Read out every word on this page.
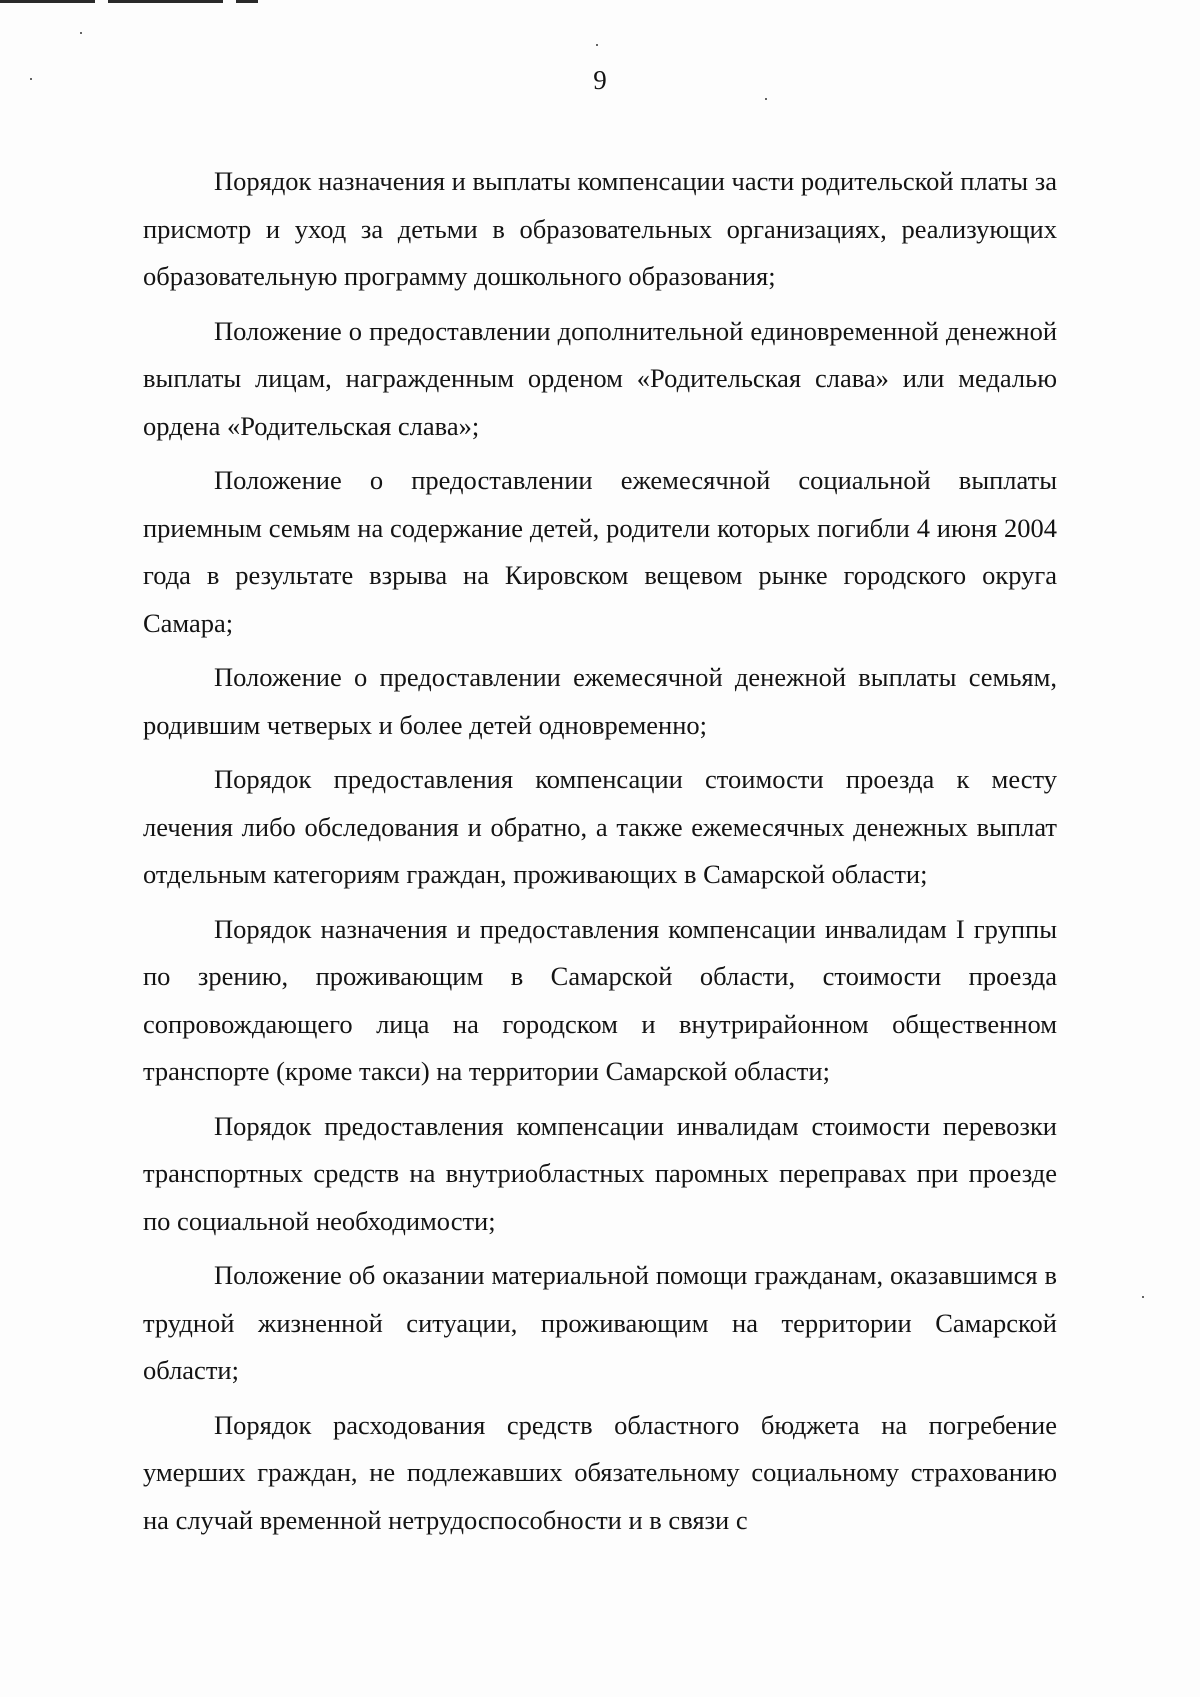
9

Порядок назначения и выплаты компенсации части родительской платы за присмотр и уход за детьми в образовательных организациях, реализующих образовательную программу дошкольного образования;

Положение о предоставлении дополнительной единовременной денежной выплаты лицам, награжденным орденом «Родительская слава» или медалью ордена «Родительская слава»;

Положение о предоставлении ежемесячной социальной выплаты приемным семьям на содержание детей, родители которых погибли 4 июня 2004 года в результате взрыва на Кировском вещевом рынке городского округа Самара;

Положение о предоставлении ежемесячной денежной выплаты семьям, родившим четверых и более детей одновременно;

Порядок предоставления компенсации стоимости проезда к месту лечения либо обследования и обратно, а также ежемесячных денежных выплат отдельным категориям граждан, проживающих в Самарской области;

Порядок назначения и предоставления компенсации инвалидам I группы по зрению, проживающим в Самарской области, стоимости проезда сопровождающего лица на городском и внутрирайонном общественном транспорте (кроме такси) на территории Самарской области;

Порядок предоставления компенсации инвалидам стоимости перевозки транспортных средств на внутриобластных паромных переправах при проезде по социальной необходимости;

Положение об оказании материальной помощи гражданам, оказавшимся в трудной жизненной ситуации, проживающим на территории Самарской области;

Порядок расходования средств областного бюджета на погребение умерших граждан, не подлежавших обязательному социальному страхованию на случай временной нетрудоспособности и в связи с
